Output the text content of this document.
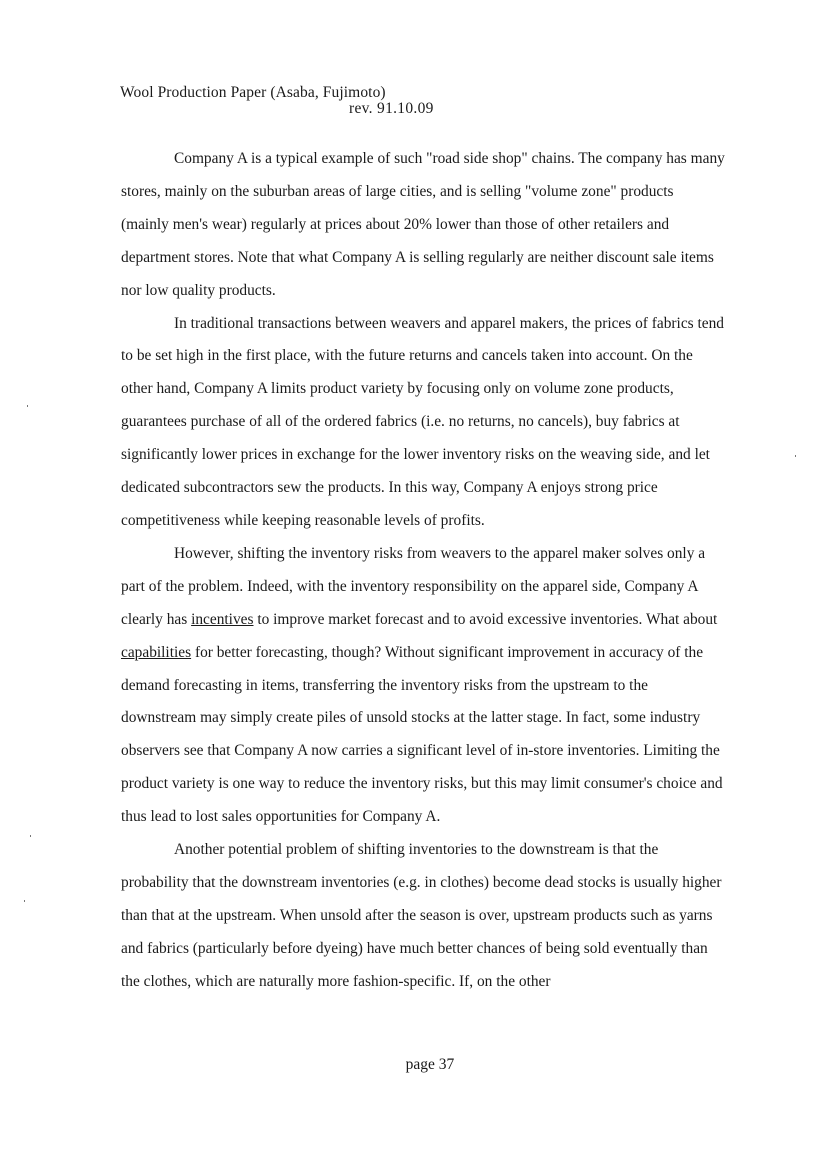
Wool Production Paper (Asaba, Fujimoto)
rev. 91.10.09

Company A is a typical example of such "road side shop" chains. The company has many stores, mainly on the suburban areas of large cities, and is selling "volume zone" products (mainly men's wear) regularly at prices about 20% lower than those of other retailers and department stores. Note that what Company A is selling regularly are neither discount sale items nor low quality products.

In traditional transactions between weavers and apparel makers, the prices of fabrics tend to be set high in the first place, with the future returns and cancels taken into account. On the other hand, Company A limits product variety by focusing only on volume zone products, guarantees purchase of all of the ordered fabrics (i.e. no returns, no cancels), buy fabrics at significantly lower prices in exchange for the lower inventory risks on the weaving side, and let dedicated subcontractors sew the products. In this way, Company A enjoys strong price competitiveness while keeping reasonable levels of profits.

However, shifting the inventory risks from weavers to the apparel maker solves only a part of the problem. Indeed, with the inventory responsibility on the apparel side, Company A clearly has incentives to improve market forecast and to avoid excessive inventories. What about capabilities for better forecasting, though? Without significant improvement in accuracy of the demand forecasting in items, transferring the inventory risks from the upstream to the downstream may simply create piles of unsold stocks at the latter stage. In fact, some industry observers see that Company A now carries a significant level of in-store inventories. Limiting the product variety is one way to reduce the inventory risks, but this may limit consumer's choice and thus lead to lost sales opportunities for Company A.

Another potential problem of shifting inventories to the downstream is that the probability that the downstream inventories (e.g. in clothes) become dead stocks is usually higher than that at the upstream. When unsold after the season is over, upstream products such as yarns and fabrics (particularly before dyeing) have much better chances of being sold eventually than the clothes, which are naturally more fashion-specific. If, on the other

page 37
